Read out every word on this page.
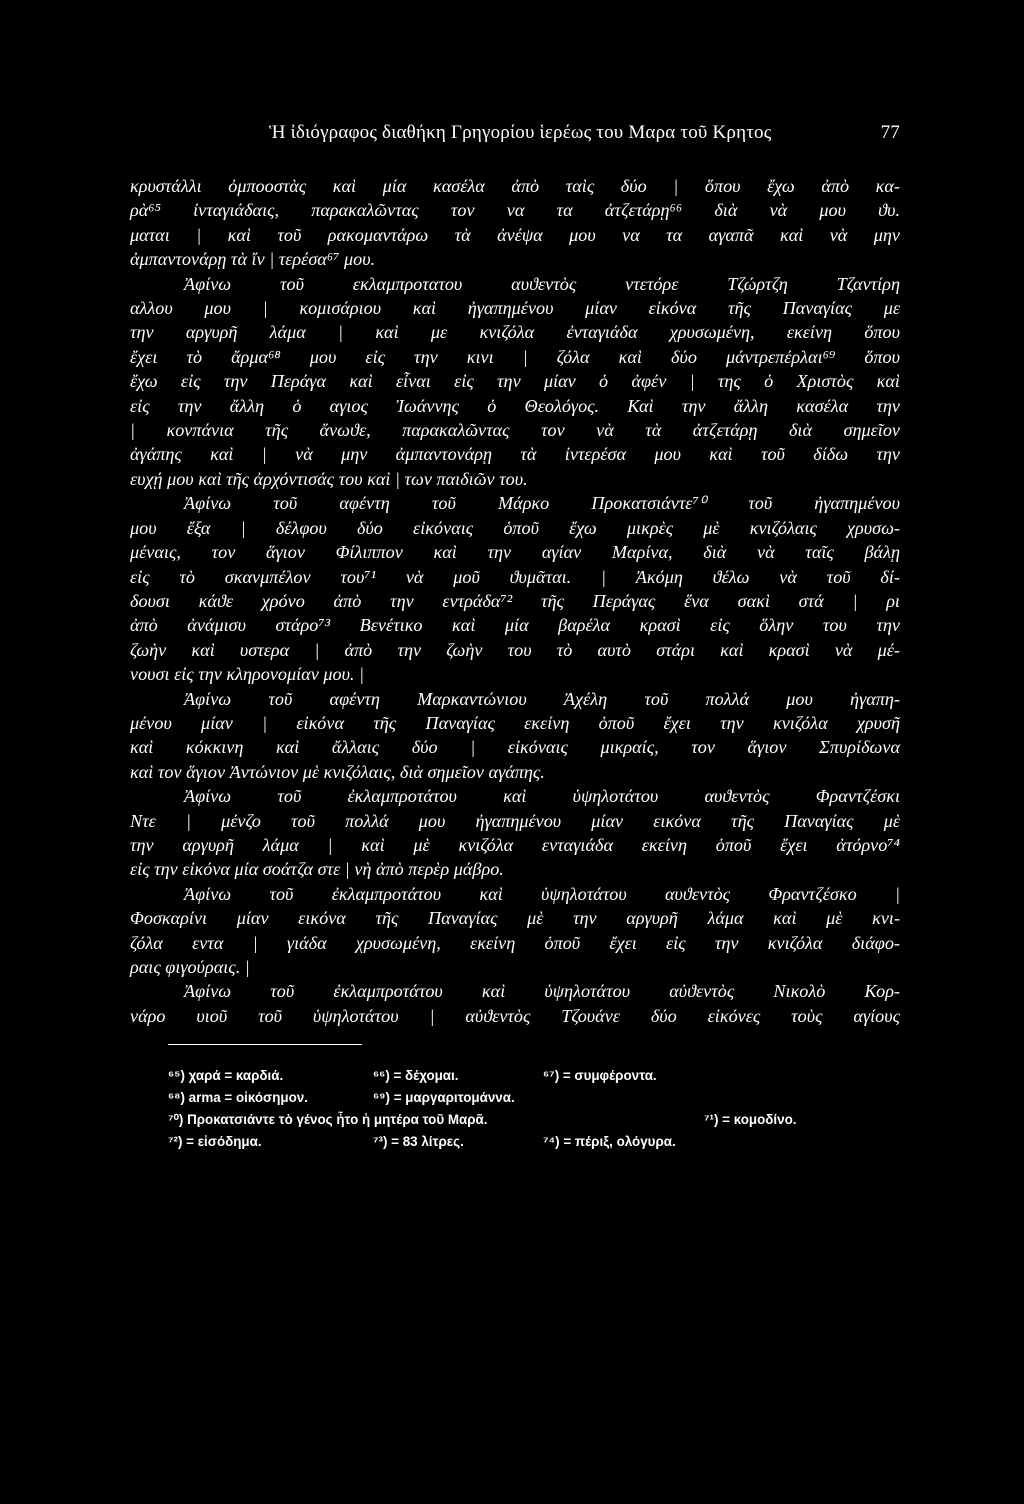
Ἡ ἰδιόγραφος διαθήκη Γρηγορίου ἱερέως του Μαρα τοῦ Κρητος	77
κρυστάλλι ὀμποοστὰς καὶ μία κασέλα ἀπὸ ταὶς δύο | ὅπου ἔχω ἀπὸ κα-
ρὰ⁶⁵ ἰνταγιάδαις, παρακαλῶντας τον να τα ἀτζετάρῃ⁶⁶ διὰ νὰ μου ϑυ.
μαται | καὶ τοῦ ρακομαντάρω τὰ ἀνέψα μου να τα αγαπᾶ καὶ νὰ μην
ἀμπαντονάρῃ τὰ ἴν | τερέσα⁶⁷ μου.
Ἀφίνω τοῦ εκλαμπροτατου αυϑεντὸς ντετόρε Τζώρτζη Τζαντίρη
αλλου μου | κομισάριου καὶ ἠγαπημένου μίαν εἰκόνα τῆς Παναγίας με
την αργυρῆ λάμα | καὶ με κνιζόλα ἐνταγιάδα χρυσωμένη, εκείνη ὅπου
ἔχει τὸ ἄρμα⁶⁸ μου εἰς την κινι | ζόλα καὶ δύο μάντρεπέρλαι⁶⁹ ὅπου
ἔχω εἰς την Περάγα καὶ εἶναι εἰς την μίαν ὁ ἀφέν | της ὁ Χριστὸς καὶ
εἰς την ἄλλη ὁ αγιος Ἰωάννης ὁ Θεολόγος. Καὶ την ἄλλη κασέλα την
| κονπάνια τῆς ἄνωϑε, παρακαλῶντας τον νὰ τὰ ἀτζετάρῃ διὰ σημεῖον
ἀγάπης καὶ | νὰ μην ἀμπαντονάρῃ τὰ ἰντερέσα μου καὶ τοῦ δίδω την
ευχῄ μου καὶ τῆς ἀρχόντισάς του καὶ | των παιδιῶν του.
Ἀφίνω τοῦ αφέντη τοῦ Μάρκο Προκατσιάντε⁷⁰ τοῦ ἠγαπημένου
μου ἔξα | δέλφου δύο εἰκόναις ὁποῦ ἔχω μικρὲς μὲ κνιζόλαις χρυσω-
μέναις, τον ἅγιον Φίλιππον καὶ την αγίαν Μαρίνα, διὰ νὰ ταῖς βάλῃ
εἰς τὸ σκανμπέλον του⁷¹ νὰ μοῦ ϑυμᾶται. | Ἀκόμη ϑέλω νὰ τοῦ δί-
δουσι κάϑε χρόνο ἀπὸ την εντράδα⁷² τῆς Περάγας ἕνα σακὶ στά | ρι
ἀπὸ ἀνάμισυ στάρο⁷³ Βενέτικο καὶ μία βαρέλα κρασὶ εἰς ὅλην του την
ζωὴν καὶ υστερα | ἀπὸ την ζωὴν του τὸ αυτὸ στάρι καὶ κρασὶ νὰ μέ-
νουσι εἰς την κληρονομίαν μου. |
Ἀφίνω τοῦ αφέντη Μαρκαντώνιου Ἀχέλη τοῦ πολλά μου ἠγαπη-
μένου μίαν | εἰκόνα τῆς Παναγίας εκείνη ὁποῦ ἔχει την κνιζόλα χρυσῆ
καὶ κόκκινη καὶ ἄλλαις δύο | εἰκόναις μικραίς, τον ἅγιον Σπυρίδωνα
καὶ τον ἅγιον Ἀντώνιον μὲ κνιζόλαις, διὰ σημεῖον αγάπης.
Ἀφίνω τοῦ ἐκλαμπροτάτου καὶ ὑψηλοτάτου αυϑεντὸς Φραντζέσκι
Ντε | μένζο τοῦ πολλά μου ἠγαπημένου μίαν εικόνα τῆς Παναγίας μὲ
την αργυρῆ λάμα | καὶ μὲ κνιζόλα ενταγιάδα εκείνη ὁποῦ ἔχει ἀτόρνο⁷⁴
εἰς την εἰκόνα μία σοάτζα στε | νὴ ἀπὸ περὲρ μάβρο.
Ἀφίνω τοῦ ἐκλαμπροτάτου καὶ ὑψηλοτάτου αυϑεντὸς Φραντζέσκο |
Φοσκαρίνι μίαν εικόνα τῆς Παναγίας μὲ την αργυρῆ λάμα καὶ μὲ κνι-
ζόλα εντα | γιάδα χρυσωμένη, εκείνη ὁποῦ ἔχει εἰς την κνιζόλα διάφο-
ραις φιγούραις. |
Ἀφίνω τοῦ ἐκλαμπροτάτου καὶ ὑψηλοτάτου αὐϑεντὸς Νικολὸ Κορ-
νάρο υιοῦ τοῦ ὑψηλοτάτου | αὐϑεντὸς Τζουάνε δύο εἰκόνες τοὺς αγίους
⁶⁵) χαρά = καρδιά.	⁶⁶) = δέχομαι.	⁶⁷) = συμφέροντα.
⁶⁸) arma = οἰκόσημον.	⁶⁹) = μαργαριτομάννα.
⁷⁰) Προκατσιάντε τὸ γένος ἦτο ἡ μητέρα τοῦ Μαρᾶ.	⁷¹) = κομοδίνο.
⁷²) = εἰσόδημα.	⁷³) = 83 λίτρες.	⁷⁴) = πέριξ, ολόγυρα.
